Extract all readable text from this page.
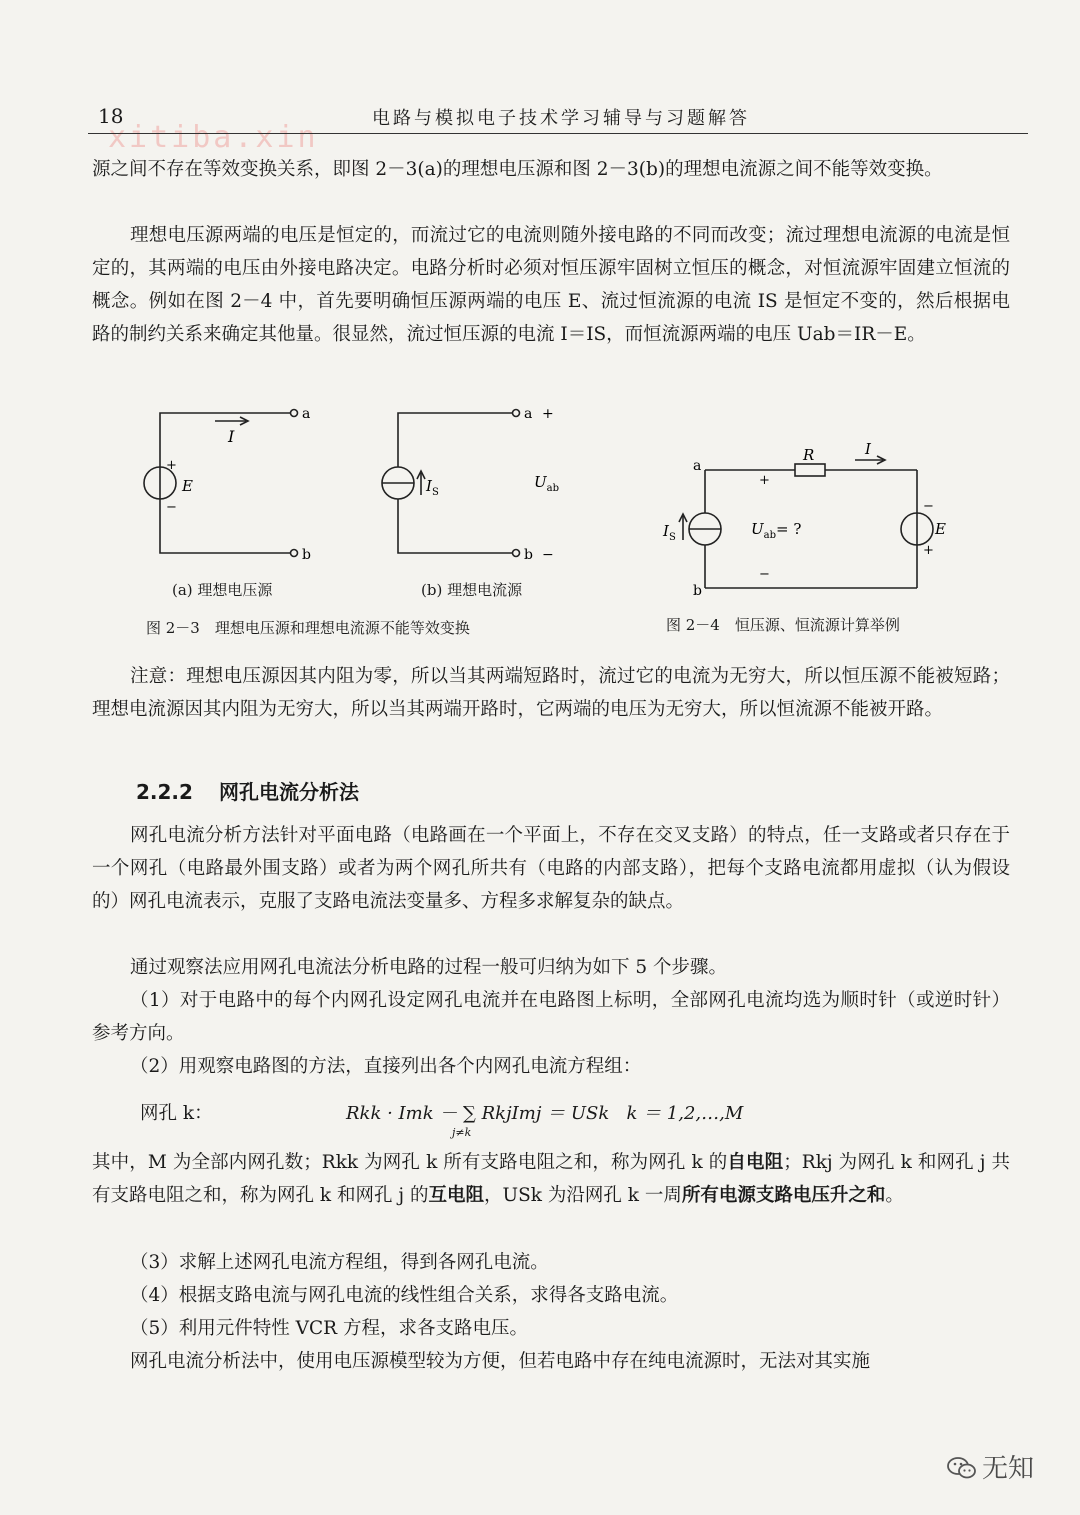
18	电路与模拟电子技术学习辅导与习题解答
xitiba.xin
源之间不存在等效变换关系，即图 2－3(a)的理想电压源和图 2－3(b)的理想电流源之间不能等效变换。
理想电压源两端的电压是恒定的，而流过它的电流则随外接电路的不同而改变；流过理想电流源的电流是恒定的，其两端的电压由外接电路决定。电路分析时必须对恒压源牢固树立恒压的概念，对恒流源牢固建立恒流的概念。例如在图 2－4 中，首先要明确恒压源两端的电压 E、流过恒流源的电流 IS 是恒定不变的，然后根据电路的制约关系来确定其他量。很显然，流过恒压源的电流 I＝IS，而恒流源两端的电压 Uab＝IR－E。
I
+
−
E
a
b
$I_S$
$U_{ab}$
a +
b −
(a) 理想电压源	(b) 理想电流源
图 2－3　理想电压源和理想电流源不能等效变换
R	I
a
b
+
−
−
+
E
$I_S$	$U_{ab}=$ ?
图 2－4　恒压源、恒流源计算举例
注意：理想电压源因其内阻为零，所以当其两端短路时，流过它的电流为无穷大，所以恒压源不能被短路；理想电流源因其内阻为无穷大，所以当其两端开路时，它两端的电压为无穷大，所以恒流源不能被开路。
2.2.2 网孔电流分析法
网孔电流分析方法针对平面电路（电路画在一个平面上，不存在交叉支路）的特点，任一支路或者只存在于一个网孔（电路最外围支路）或者为两个网孔所共有（电路的内部支路），把每个支路电流都用虚拟（认为假设的）网孔电流表示，克服了支路电流法变量多、方程多求解复杂的缺点。
通过观察法应用网孔电流法分析电路的过程一般可归纳为如下 5 个步骤。
（1）对于电路中的每个内网孔设定网孔电流并在电路图上标明，全部网孔电流均选为顺时针（或逆时针）参考方向。
（2）用观察电路图的方法，直接列出各个内网孔电流方程组：
网孔 k：	Rkk · Imk － ∑ RkjImj ＝ USk   k ＝ 1,2,…,M
j≠k
其中，M 为全部内网孔数；Rkk 为网孔 k 所有支路电阻之和，称为网孔 k 的自电阻；Rkj 为网孔 k 和网孔 j 共有支路电阻之和，称为网孔 k 和网孔 j 的互电阻，USk 为沿网孔 k 一周所有电源支路电压升之和。
（3）求解上述网孔电流方程组，得到各网孔电流。
（4）根据支路电流与网孔电流的线性组合关系，求得各支路电流。
（5）利用元件特性 VCR 方程，求各支路电压。
网孔电流分析法中，使用电压源模型较为方便，但若电路中存在纯电流源时，无法对其实施
无知
